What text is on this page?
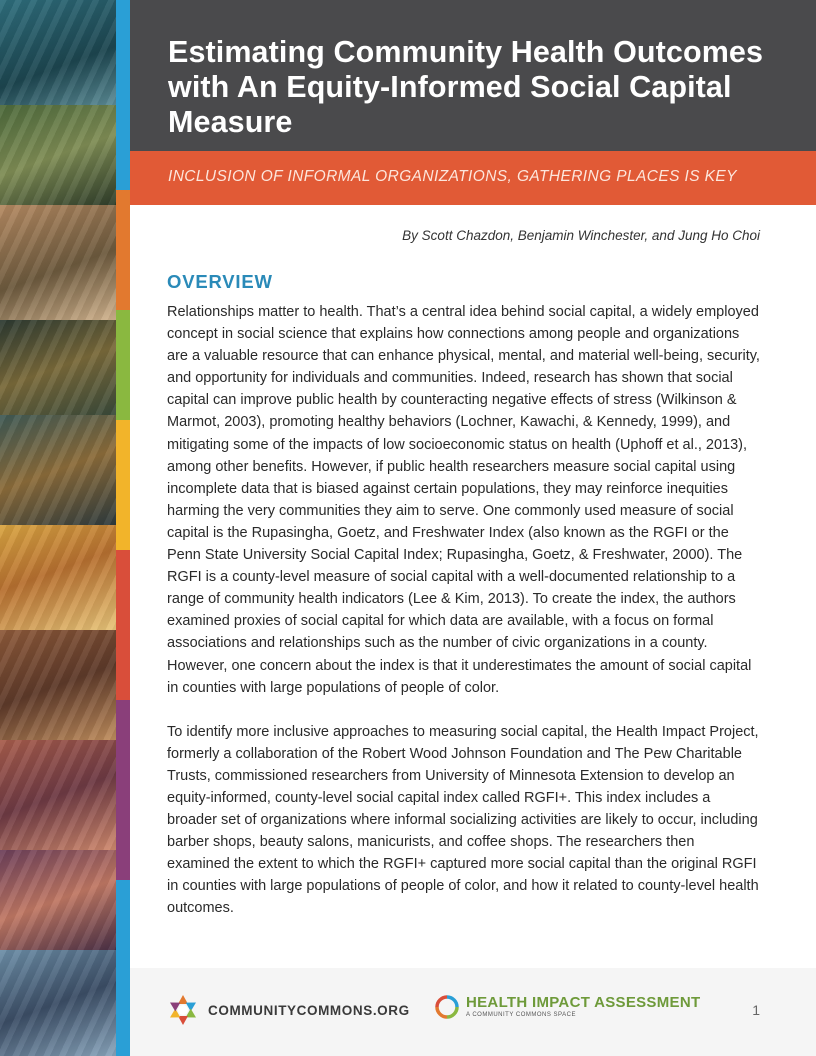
Estimating Community Health Outcomes with An Equity-Informed Social Capital Measure

INCLUSION OF INFORMAL ORGANIZATIONS, GATHERING PLACES IS KEY

By Scott Chazdon, Benjamin Winchester, and Jung Ho Choi
OVERVIEW

Relationships matter to health. That’s a central idea behind social capital, a widely employed concept in social science that explains how connections among people and organizations are a valuable resource that can enhance physical, mental, and material well-being, security, and opportunity for individuals and communities. Indeed, research has shown that social capital can improve public health by counteracting negative effects of stress (Wilkinson & Marmot, 2003), promoting healthy behaviors (Lochner, Kawachi, & Kennedy, 1999), and mitigating some of the impacts of low socioeconomic status on health (Uphoff et al., 2013), among other benefits. However, if public health researchers measure social capital using incomplete data that is biased against certain populations, they may reinforce inequities harming the very communities they aim to serve. One commonly used measure of social capital is the Rupasingha, Goetz, and Freshwater Index (also known as the RGFI or the Penn State University Social Capital Index; Rupasingha, Goetz, & Freshwater, 2000). The RGFI is a county-level measure of social capital with a well-documented relationship to a range of community health indicators (Lee & Kim, 2013). To create the index, the authors examined proxies of social capital for which data are available, with a focus on formal associations and relationships such as the number of civic organizations in a county. However, one concern about the index is that it underestimates the amount of social capital in counties with large populations of people of color.

To identify more inclusive approaches to measuring social capital, the Health Impact Project, formerly a collaboration of the Robert Wood Johnson Foundation and The Pew Charitable Trusts, commissioned researchers from University of Minnesota Extension to develop an equity-informed, county-level social capital index called RGFI+. This index includes a broader set of organizations where informal socializing activities are likely to occur, including barber shops, beauty salons, manicurists, and coffee shops. The researchers then examined the extent to which the RGFI+ captured more social capital than the original RGFI in counties with large populations of people of color, and how it related to county-level health outcomes.

COMMUNITYCOMMONS.ORG	HEALTH IMPACT ASSESSMENT
A COMMUNITY COMMONS SPACE	1
